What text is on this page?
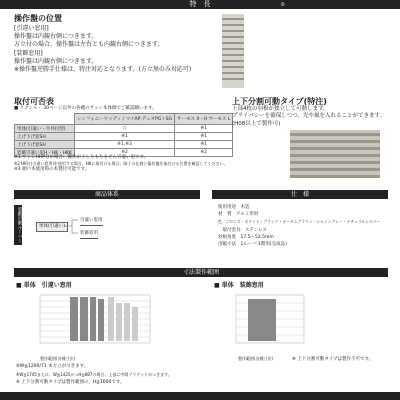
特　長	②
操作盤の位置
[引違い窓用]
操作盤は内観右側につきます。
方立付の場合、操作盤は左右とも内観右側につきます。
[装飾窓用]
操作盤は内観右側につきます。
※操作盤逆勝手仕様は、特注対応となります。(方立無のみ対応可)
取付可否表
■ リクシル・ 30ページ以外の各種のサッシ本体側でご確認願います。
	シンフォニーウッディ / マイAP デュオPG / SG	サーモス II・H サーモス L
単体(引違い・半外付型)	○	※1
上げ下げ窓SH	※1	※1
上げ下げ窓SH	※1,※3	※1
装飾引違い窓H・HK・HKK	※2	※2
※1 サッシHHP分の場合、操作が上しりもちません引違い窓です。
※2 HK付(引違い窓用)を使用する場合、HKに取付ける場合、障子の仕様と操作盤を取付ける位置を確認してください。
※3 網戸本使用時の本製付可能です。
上下分割可動タイプ(特注)
上部4枚の羽根が独立して可動します。
プライバシーを確保しつつ、光や風を入れることができます。
(H08以上で製作可)
商品体系
電動可動ルーバー	単体(引違い)
引違い窓用
装飾窓用
仕　様
使用用途　 木造
材　質　 アルミ形材
色　 ブロンズ・ホワイト・ブラック・オータムブラウン・シャイングレー・ナチュラルシルバー
　取付金具：ステンレス
羽根角度　 17.5〜52.5mm
出幅寸法　 1ルーバ 1階用(完成品)
寸法製作範囲
■ 単体　引違い窓用	■ 単体　装飾窓用
製作範囲(各種寸法)	製作範囲(各種寸法)
※W≧1290/71 本方立がつきます。
※W≧1745または、W≧1425かつH≧887の場合、上部に中間ブラケットがつきます。
※ 上下分割可動タイプは製作範囲の、H≧1000です。
※ 上下分割可動タイプは製作不可です。
